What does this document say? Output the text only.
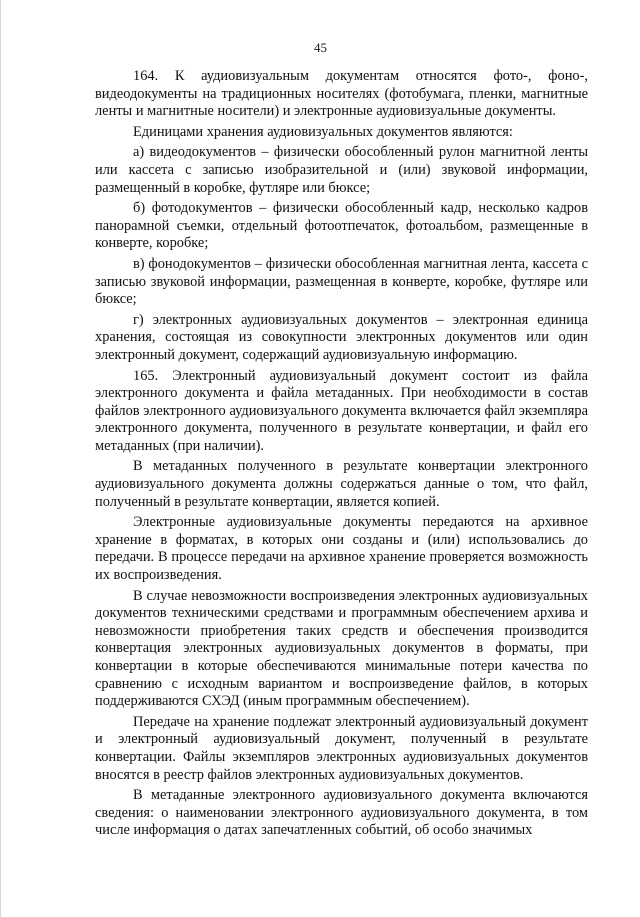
45

164. К аудиовизуальным документам относятся фото-, фоно-, видеодокументы на традиционных носителях (фотобумага, пленки, магнитные ленты и магнитные носители) и электронные аудиовизуальные документы.

Единицами хранения аудиовизуальных документов являются:

а) видеодокументов – физически обособленный рулон магнитной ленты или кассета с записью изобразительной и (или) звуковой информации, размещенный в коробке, футляре или бюксе;

б) фотодокументов – физически обособленный кадр, несколько кадров панорамной съемки, отдельный фотоотпечаток, фотоальбом, размещенные в конверте, коробке;

в) фонодокументов – физически обособленная магнитная лента, кассета с записью звуковой информации, размещенная в конверте, коробке, футляре или бюксе;

г) электронных аудиовизуальных документов – электронная единица хранения, состоящая из совокупности электронных документов или один электронный документ, содержащий аудиовизуальную информацию.

165. Электронный аудиовизуальный документ состоит из файла электронного документа и файла метаданных. При необходимости в состав файлов электронного аудиовизуального документа включается файл экземпляра электронного документа, полученного в результате конвертации, и файл его метаданных (при наличии).

В метаданных полученного в результате конвертации электронного аудиовизуального документа должны содержаться данные о том, что файл, полученный в результате конвертации, является копией.

Электронные аудиовизуальные документы передаются на архивное хранение в форматах, в которых они созданы и (или) использовались до передачи. В процессе передачи на архивное хранение проверяется возможность их воспроизведения.

В случае невозможности воспроизведения электронных аудиовизуальных документов техническими средствами и программным обеспечением архива и невозможности приобретения таких средств и обеспечения производится конвертация электронных аудиовизуальных документов в форматы, при конвертации в которые обеспечиваются минимальные потери качества по сравнению с исходным вариантом и воспроизведение файлов, в которых поддерживаются СХЭД (иным программным обеспечением).

Передаче на хранение подлежат электронный аудиовизуальный документ и электронный аудиовизуальный документ, полученный в результате конвертации. Файлы экземпляров электронных аудиовизуальных документов вносятся в реестр файлов электронных аудиовизуальных документов.

В метаданные электронного аудиовизуального документа включаются сведения: о наименовании электронного аудиовизуального документа, в том числе информация о датах запечатленных событий, об особо значимых
